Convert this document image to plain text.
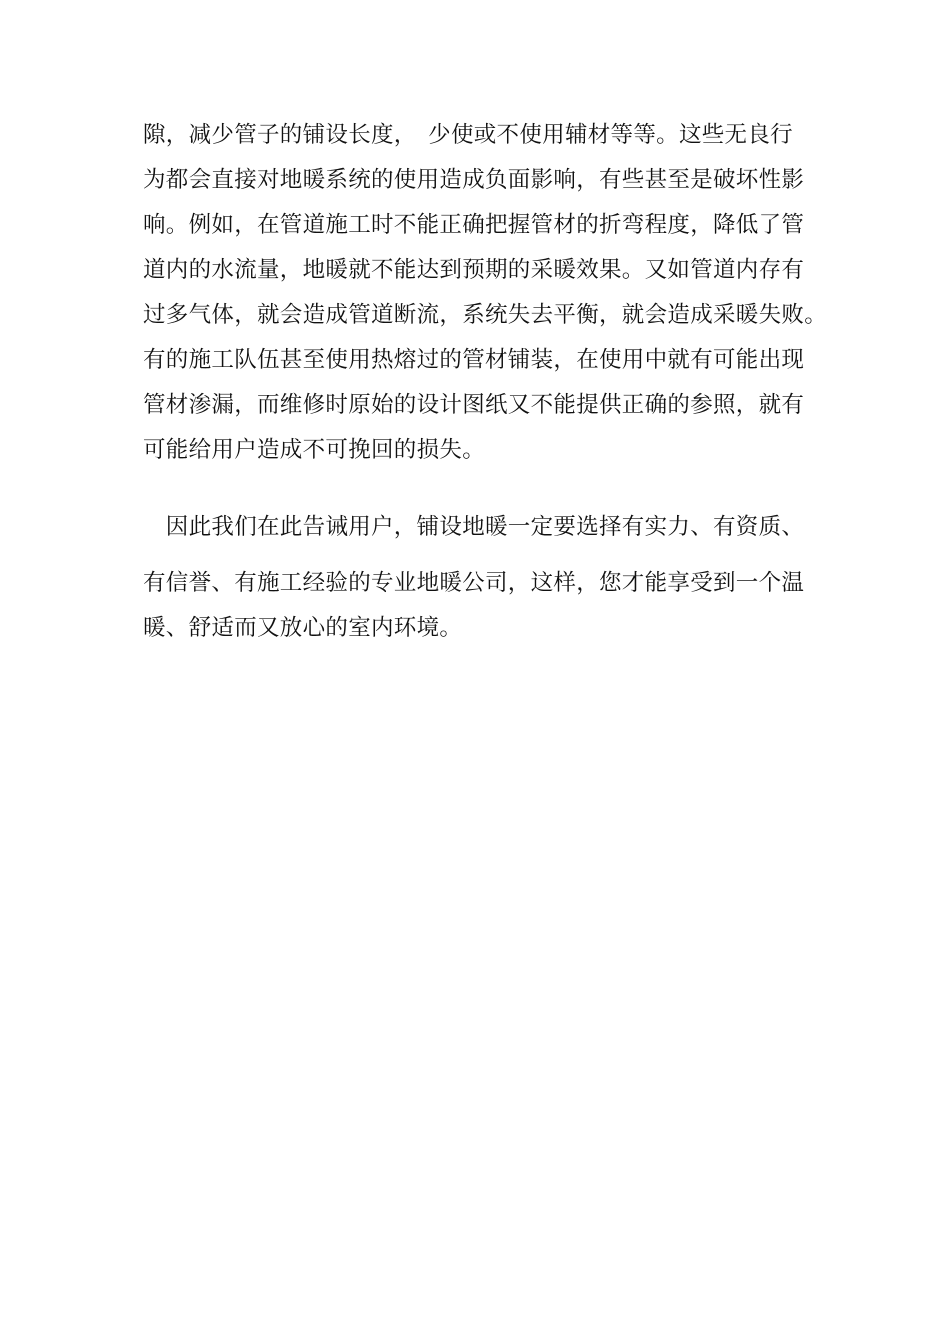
隙，减少管子的铺设长度，　少使或不使用辅材等等。这些无良行
为都会直接对地暖系统的使用造成负面影响，有些甚至是破坏性影
响。例如，在管道施工时不能正确把握管材的折弯程度，降低了管
道内的水流量，地暖就不能达到预期的采暖效果。又如管道内存有
过多气体，就会造成管道断流，系统失去平衡，就会造成采暖失败。
有的施工队伍甚至使用热熔过的管材铺装，在使用中就有可能出现
管材渗漏，而维修时原始的设计图纸又不能提供正确的参照，就有
可能给用户造成不可挽回的损失。
　因此我们在此告诫用户，铺设地暖一定要选择有实力、有资质、
有信誉、有施工经验的专业地暖公司，这样，您才能享受到一个温
暖、舒适而又放心的室内环境。
